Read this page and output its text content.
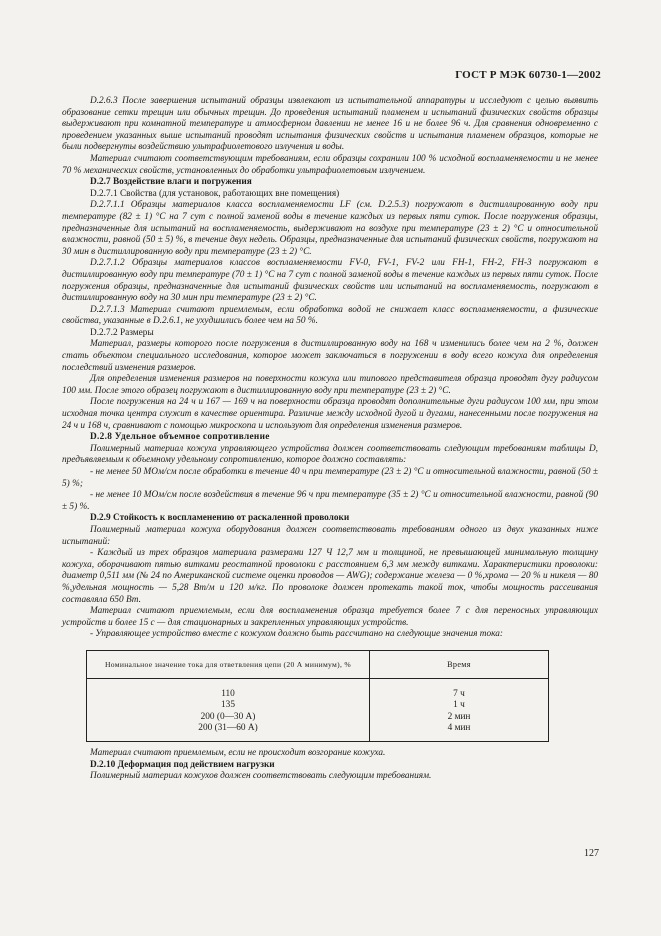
ГОСТ Р МЭК 60730-1—2002

D.2.6.3 После завершения испытаний образцы извлекают из испытательной аппаратуры и исследуют с целью выявить образование сетки трещин или обычных трещин. До проведения испытаний пламенем и испытаний физических свойств образцы выдерживают при комнатной температуре и атмосферном давлении не менее 16 и не более 96 ч. Для сравнения одновременно с проведением указанных выше испытаний проводят испытания физических свойств и испытания пламенем образцов, которые не были подвергнуты воздействию ультрафиолетового излучения и воды.

Материал считают соответствующим требованиям, если образцы сохранили 100 % исходной воспламеняемости и не менее 70 % механических свойств, установленных до обработки ультрафиолетовым излучением.

D.2.7 Воздействие влаги и погружения

D.2.7.1 Свойства (для установок, работающих вне помещения)

D.2.7.1.1 Образцы материалов класса воспламеняемости LF (см. D.2.5.3) погружают в дистиллированную воду при температуре (82 ± 1) °С на 7 сут с полной заменой воды в течение каждых из первых пяти суток. После погружения образцы, предназначенные для испытаний на воспламеняемость, выдерживают на воздухе при температуре (23 ± 2) °С и относительной влажности, равной (50 ± 5) %, в течение двух недель. Образцы, предназначенные для испытаний физических свойств, погружают на 30 мин в дистиллированную воду при температуре (23 ± 2) °С.

D.2.7.1.2 Образцы материалов классов воспламеняемости FV-0, FV-1, FV-2 или FH-1, FH-2, FH-3 погружают в дистиллированную воду при температуре (70 ± 1) °С на 7 сут с полной заменой воды в течение каждых из первых пяти суток. После погружения образцы, предназначенные для испытаний физических свойств или испытаний на воспламеняемость, погружают в дистиллированную воду на 30 мин при температуре (23 ± 2) °С.

D.2.7.1.3 Материал считают приемлемым, если обработка водой не снижает класс воспламеняемости, а физические свойства, указанные в D.2.6.1, не ухудшились более чем на 50 %.

D.2.7.2 Размеры

Материал, размеры которого после погружения в дистиллированную воду на 168 ч изменились более чем на 2 %, должен стать объектом специального исследования, которое может заключаться в погружении в воду всего кожуха для определения последствий изменения размеров.

Для определения изменения размеров на поверхности кожуха или типового представителя образца проводят дугу радиусом 100 мм. После этого образец погружают в дистиллированную воду при температуре (23 ± 2) °С.

После погружения на 24 ч и 167 — 169 ч на поверхности образца проводят дополнительные дуги радиусом 100 мм, при этом исходная точка центра служит в качестве ориентира. Различие между исходной дугой и дугами, нанесенными после погружения на 24 ч и 168 ч, сравнивают с помощью микроскопа и используют для определения изменения размеров.

D.2.8 Удельное объемное сопротивление

Полимерный материал кожуха управляющего устройства должен соответствовать следующим требованиям таблицы D, предъявляемым к объемному удельному сопротивлению, которое должно составлять:

- не менее 50 МОм/см после обработки в течение 40 ч при температуре (23 ± 2) °С и относительной влажности, равной (50 ± 5) %;

- не менее 10 МОм/см после воздействия в течение 96 ч при температуре (35 ± 2) °С и относительной влажности, равной (90 ± 5) %.

D.2.9 Стойкость к воспламенению от раскаленной проволоки

Полимерный материал кожуха оборудования должен соответствовать требованиям одного из двух указанных ниже испытаний:

- Каждый из трех образцов материала размерами 127 Ч 12,7 мм и толщиной, не превышающей минимальную толщину кожуха, оборачивают пятью витками реостатной проволоки с расстоянием 6,3 мм между витками. Характеристики проволоки: диаметр 0,511 мм (№ 24 по Американской системе оценки проводов — AWG); содержание железа — 0 %,хрома — 20 % и никеля — 80 %,удельная мощность — 5,28 Вт/м и 120 м/кг. По проволоке должен протекать такой ток, чтобы мощность рассеивания составляла 650 Вт.

Материал считают приемлемым, если для воспламенения образца требуется более 7 с для переносных управляющих устройств и более 15 с — для стационарных и закрепленных управляющих устройств.

- Управляющее устройство вместе с кожухом должно быть рассчитано на следующие значения тока:

Номинальное значение тока для ответвления цепи (20 А минимум), %	Время
110	7 ч
135	1 ч
200 (0—30 А)	2 мин
200 (31—60 А)	4 мин

Материал считают приемлемым, если не происходит возгорание кожуха.

D.2.10 Деформация под действием нагрузки

Полимерный материал кожухов должен соответствовать следующим требованиям.

127
